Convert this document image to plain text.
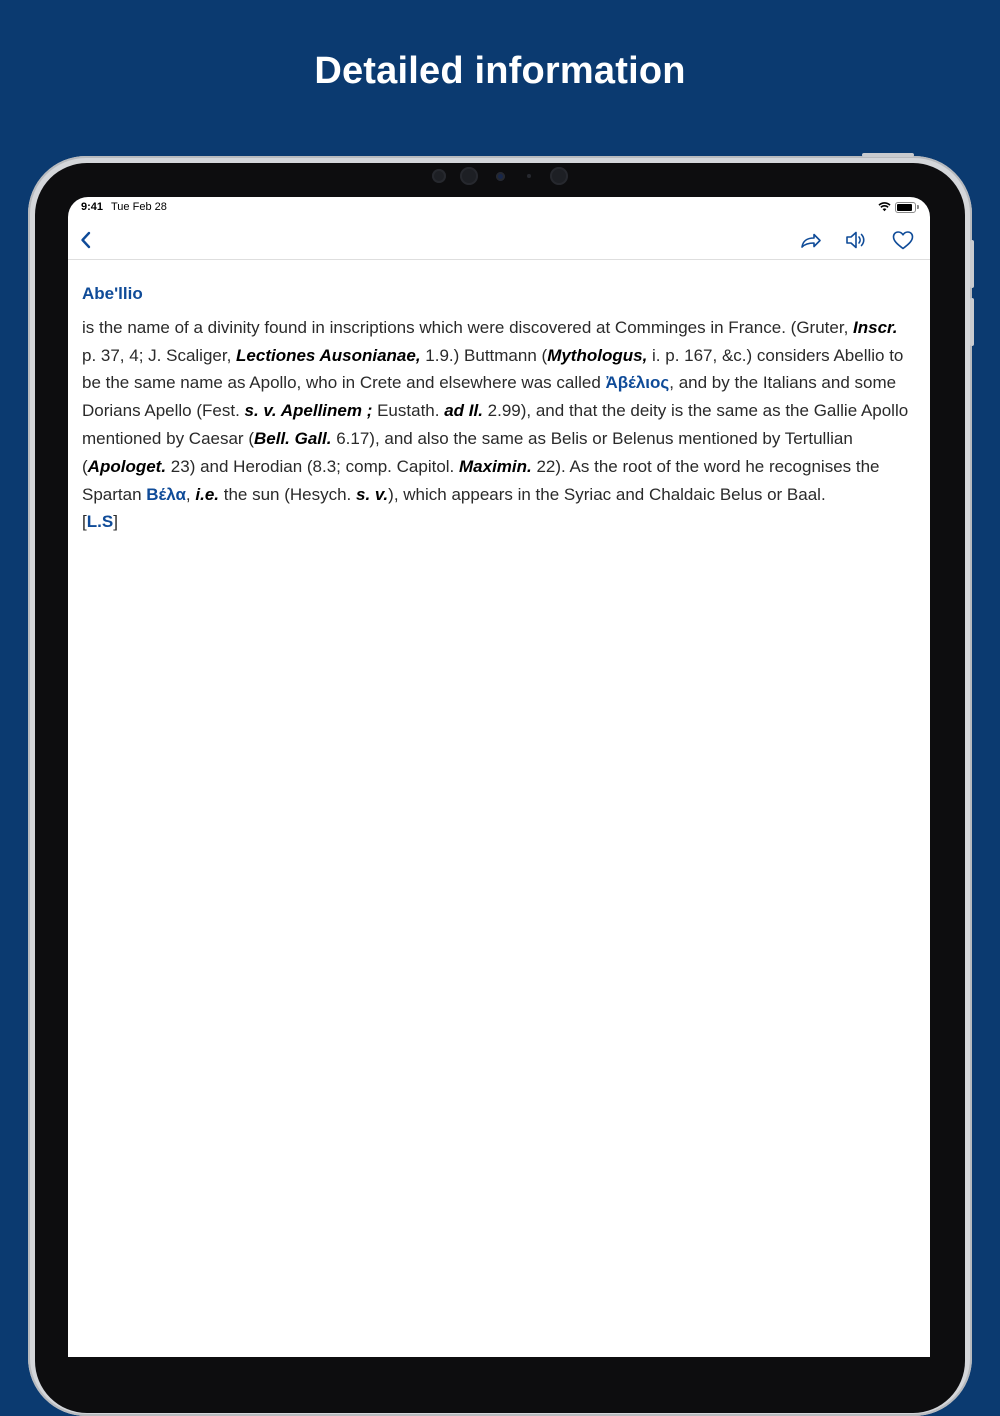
Detailed information
9:41 Tue Feb 28
Abe'llio

is the name of a divinity found in inscriptions which were discovered at Comminges in France. (Gruter, Inscr. p. 37, 4; J. Scaliger, Lectiones Ausonianae, 1.9.) Buttmann (Mythologus, i. p. 167, &c.) considers Abellio to be the same name as Apollo, who in Crete and elsewhere was called Ἀβέλιος, and by the Italians and some Dorians Apello (Fest. s. v. Apellinem ; Eustath. ad Il. 2.99), and that the deity is the same as the Gallie Apollo mentioned by Caesar (Bell. Gall. 6.17), and also the same as Belis or Belenus mentioned by Tertullian (Apologet. 23) and Herodian (8.3; comp. Capitol. Maximin. 22). As the root of the word he recognises the Spartan Βέλα, i.e. the sun (Hesych. s. v.), which appears in the Syriac and Chaldaic Belus or Baal.

[L.S]
